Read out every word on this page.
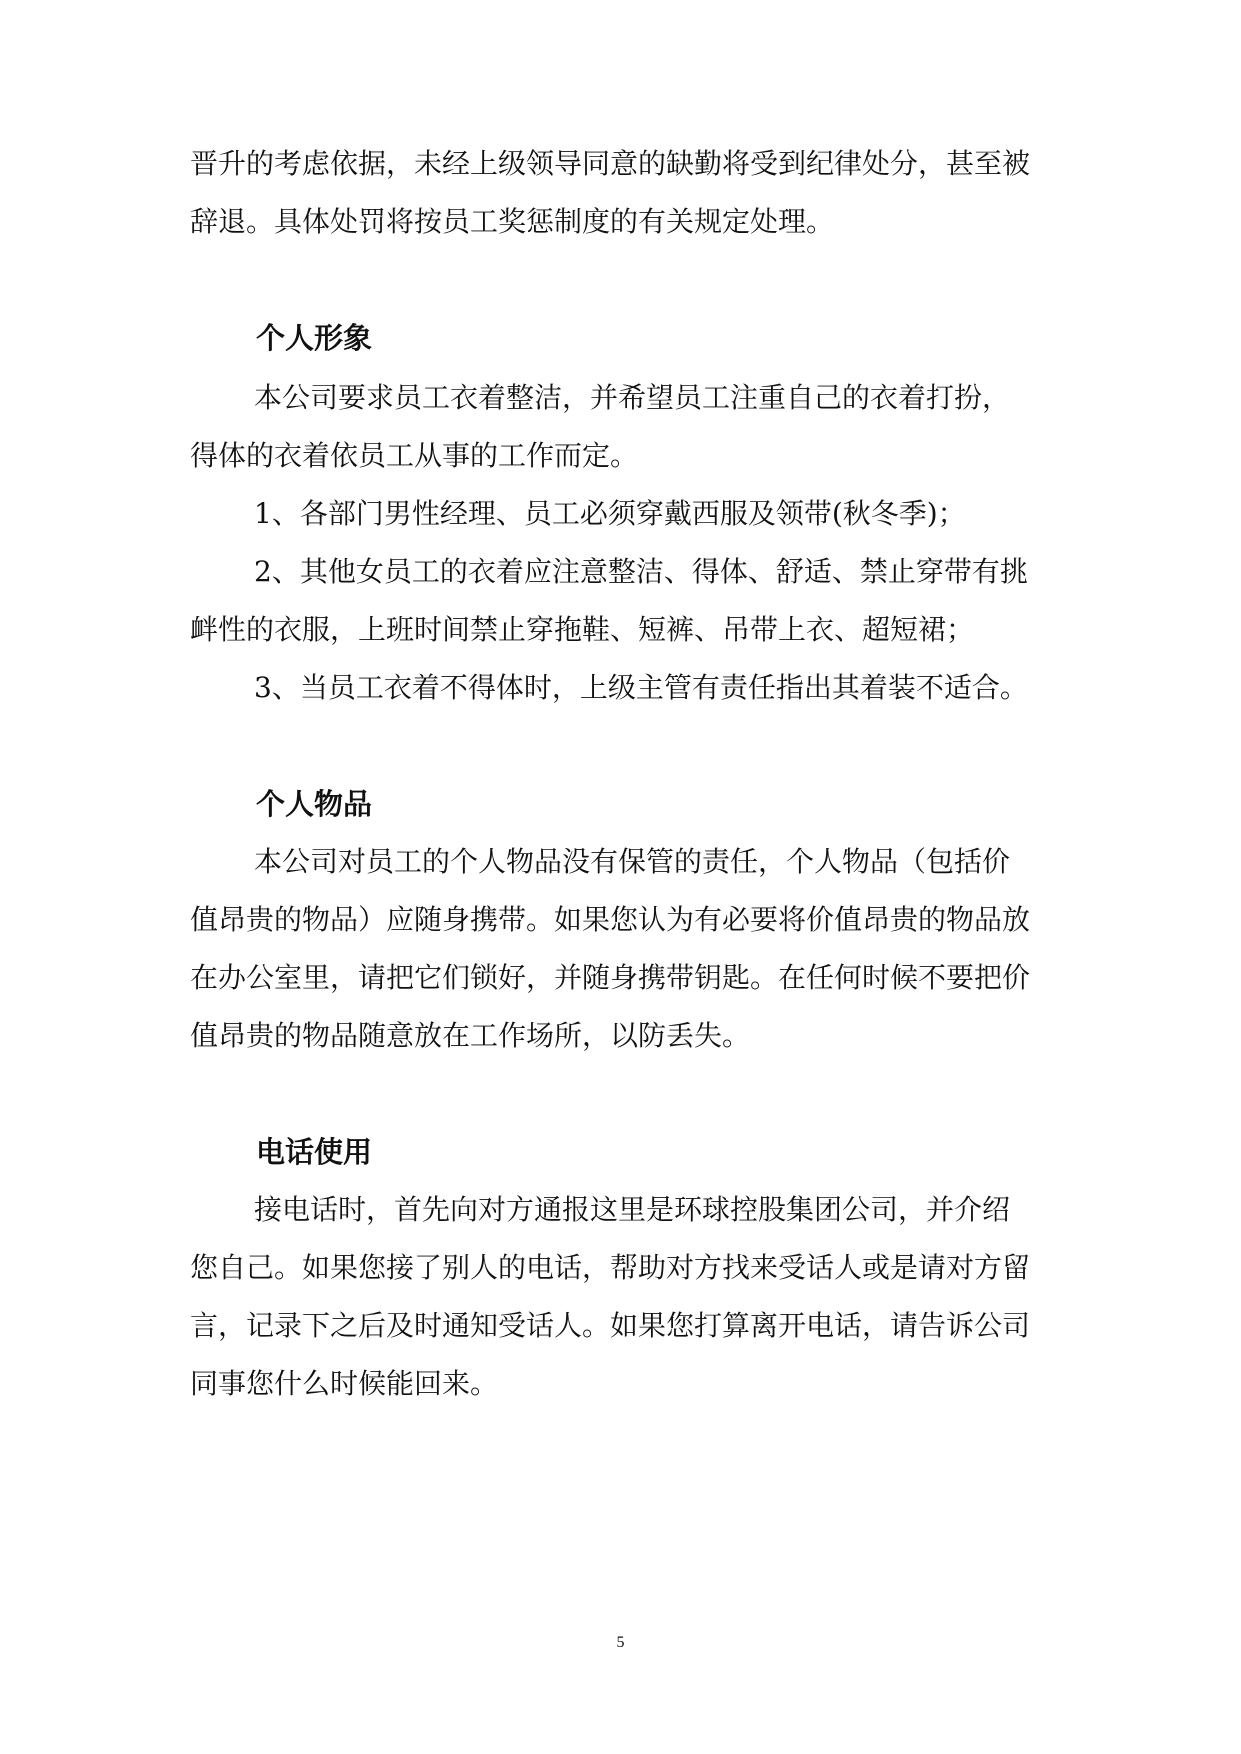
晋升的考虑依据，未经上级领导同意的缺勤将受到纪律处分，甚至被

辞退。具体处罚将按员工奖惩制度的有关规定处理。

个人形象

本公司要求员工衣着整洁，并希望员工注重自己的衣着打扮，

得体的衣着依员工从事的工作而定。

1、各部门男性经理、员工必须穿戴西服及领带(秋冬季)；

2、其他女员工的衣着应注意整洁、得体、舒适、禁止穿带有挑

衅性的衣服，上班时间禁止穿拖鞋、短裤、吊带上衣、超短裙；

3、当员工衣着不得体时，上级主管有责任指出其着装不适合。

个人物品

本公司对员工的个人物品没有保管的责任，个人物品（包括价

值昂贵的物品）应随身携带。如果您认为有必要将价值昂贵的物品放

在办公室里，请把它们锁好，并随身携带钥匙。在任何时候不要把价

值昂贵的物品随意放在工作场所，以防丢失。

电话使用

接电话时，首先向对方通报这里是环球控股集团公司，并介绍

您自己。如果您接了别人的电话，帮助对方找来受话人或是请对方留

言，记录下之后及时通知受话人。如果您打算离开电话，请告诉公司

同事您什么时候能回来。

5
